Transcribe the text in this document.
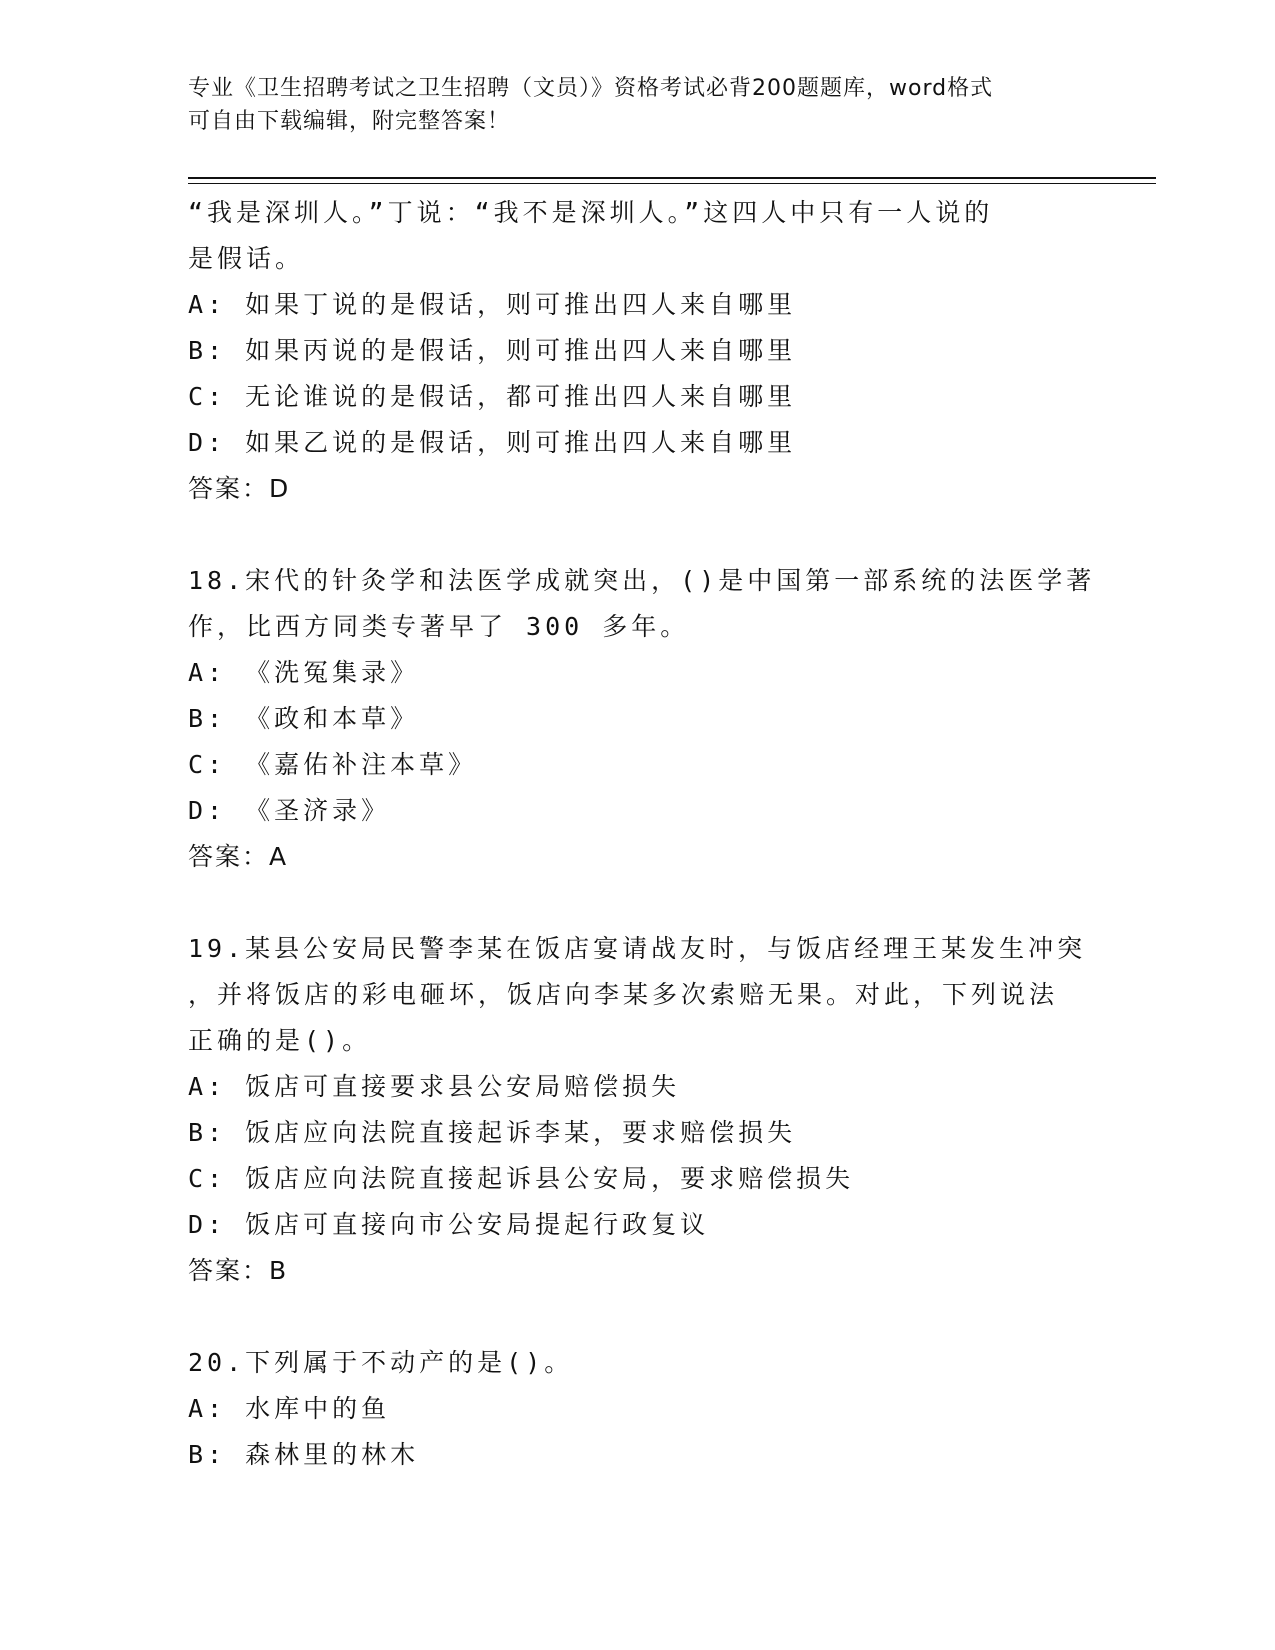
专业《卫生招聘考试之卫生招聘（文员）》资格考试必背200题题库，word格式
可自由下载编辑，附完整答案！
“我是深圳人。”丁说：“我不是深圳人。”这四人中只有一人说的
是假话。
A: 如果丁说的是假话，则可推出四人来自哪里
B: 如果丙说的是假话，则可推出四人来自哪里
C: 无论谁说的是假话，都可推出四人来自哪里
D: 如果乙说的是假话，则可推出四人来自哪里
答案：D
18.宋代的针灸学和法医学成就突出，()是中国第一部系统的法医学著
作，比西方同类专著早了 300 多年。
A: 《洗冤集录》
B: 《政和本草》
C: 《嘉佑补注本草》
D: 《圣济录》
答案：A
19.某县公安局民警李某在饭店宴请战友时，与饭店经理王某发生冲突
，并将饭店的彩电砸坏，饭店向李某多次索赔无果。对此，下列说法
正确的是()。
A: 饭店可直接要求县公安局赔偿损失
B: 饭店应向法院直接起诉李某，要求赔偿损失
C: 饭店应向法院直接起诉县公安局，要求赔偿损失
D: 饭店可直接向市公安局提起行政复议
答案：B
20.下列属于不动产的是()。
A: 水库中的鱼
B: 森林里的林木
